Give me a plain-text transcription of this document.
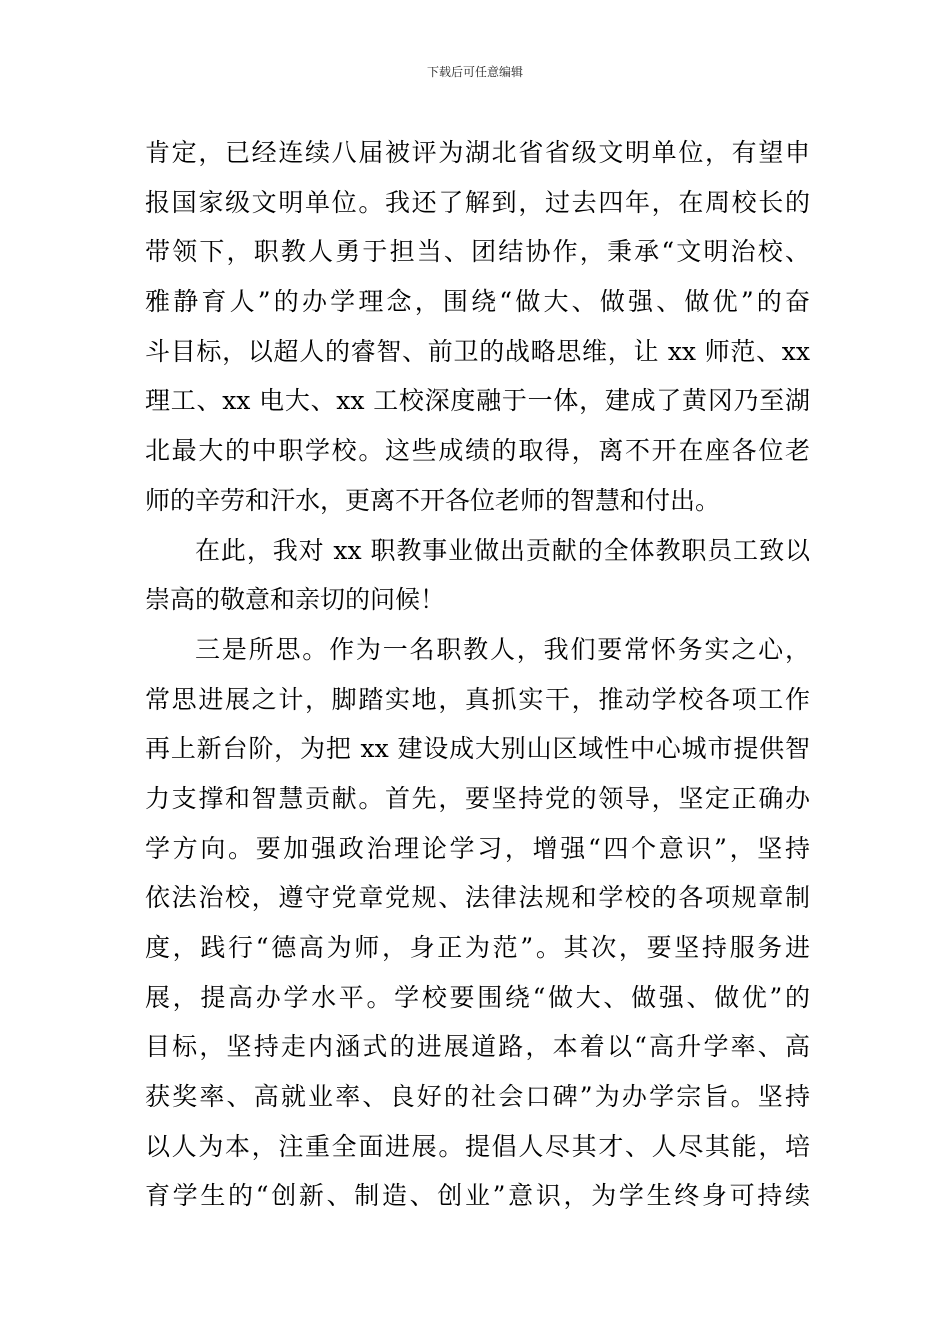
下载后可任意编辑
肯定，已经连续八届被评为湖北省省级文明单位，有望申
报国家级文明单位。我还了解到，过去四年，在周校长的
带领下，职教人勇于担当、团结协作，秉承“文明治校、
雅静育人”的办学理念，围绕“做大、做强、做优”的奋
斗目标，以超人的睿智、前卫的战略思维，让 xx 师范、xx
理工、xx 电大、xx 工校深度融于一体，建成了黄冈乃至湖
北最大的中职学校。这些成绩的取得，离不开在座各位老
师的辛劳和汗水，更离不开各位老师的智慧和付出。
在此，我对 xx 职教事业做出贡献的全体教职员工致以
崇高的敬意和亲切的问候！
三是所思。作为一名职教人，我们要常怀务实之心，
常思进展之计，脚踏实地，真抓实干，推动学校各项工作
再上新台阶，为把 xx 建设成大别山区域性中心城市提供智
力支撑和智慧贡献。首先，要坚持党的领导，坚定正确办
学方向。要加强政治理论学习，增强“四个意识”，坚持
依法治校，遵守党章党规、法律法规和学校的各项规章制
度，践行“德高为师，身正为范”。其次，要坚持服务进
展，提高办学水平。学校要围绕“做大、做强、做优”的
目标，坚持走内涵式的进展道路，本着以“高升学率、高
获奖率、高就业率、良好的社会口碑”为办学宗旨。坚持
以人为本，注重全面进展。提倡人尽其才、人尽其能，培
育学生的“创新、制造、创业”意识，为学生终身可持续
